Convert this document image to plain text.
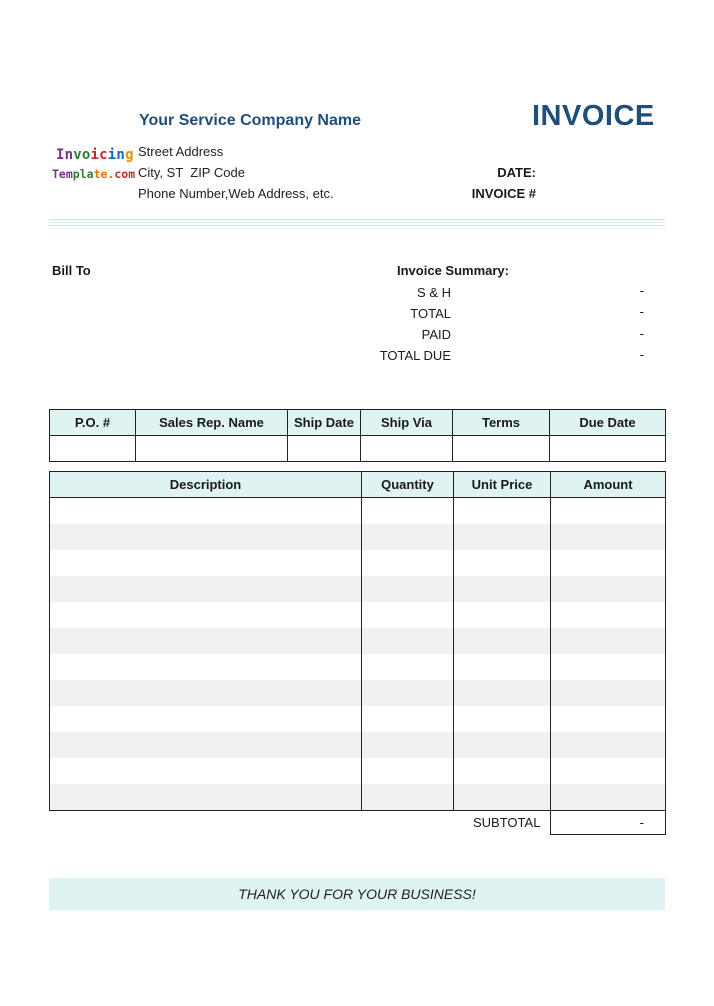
Your Service Company Name	INVOICE
Invoicing
Template.com
Street Address
City, ST  ZIP Code
Phone Number,Web Address, etc.
DATE:
INVOICE #
Bill To	Invoice Summary:
S & H	-
TOTAL	-
PAID	-
TOTAL DUE	-
P.O. #	Sales Rep. Name	Ship Date	Ship Via	Terms	Due Date

Description	Quantity	Unit Price	Amount

SUBTOTAL	-
THANK YOU FOR YOUR BUSINESS!
